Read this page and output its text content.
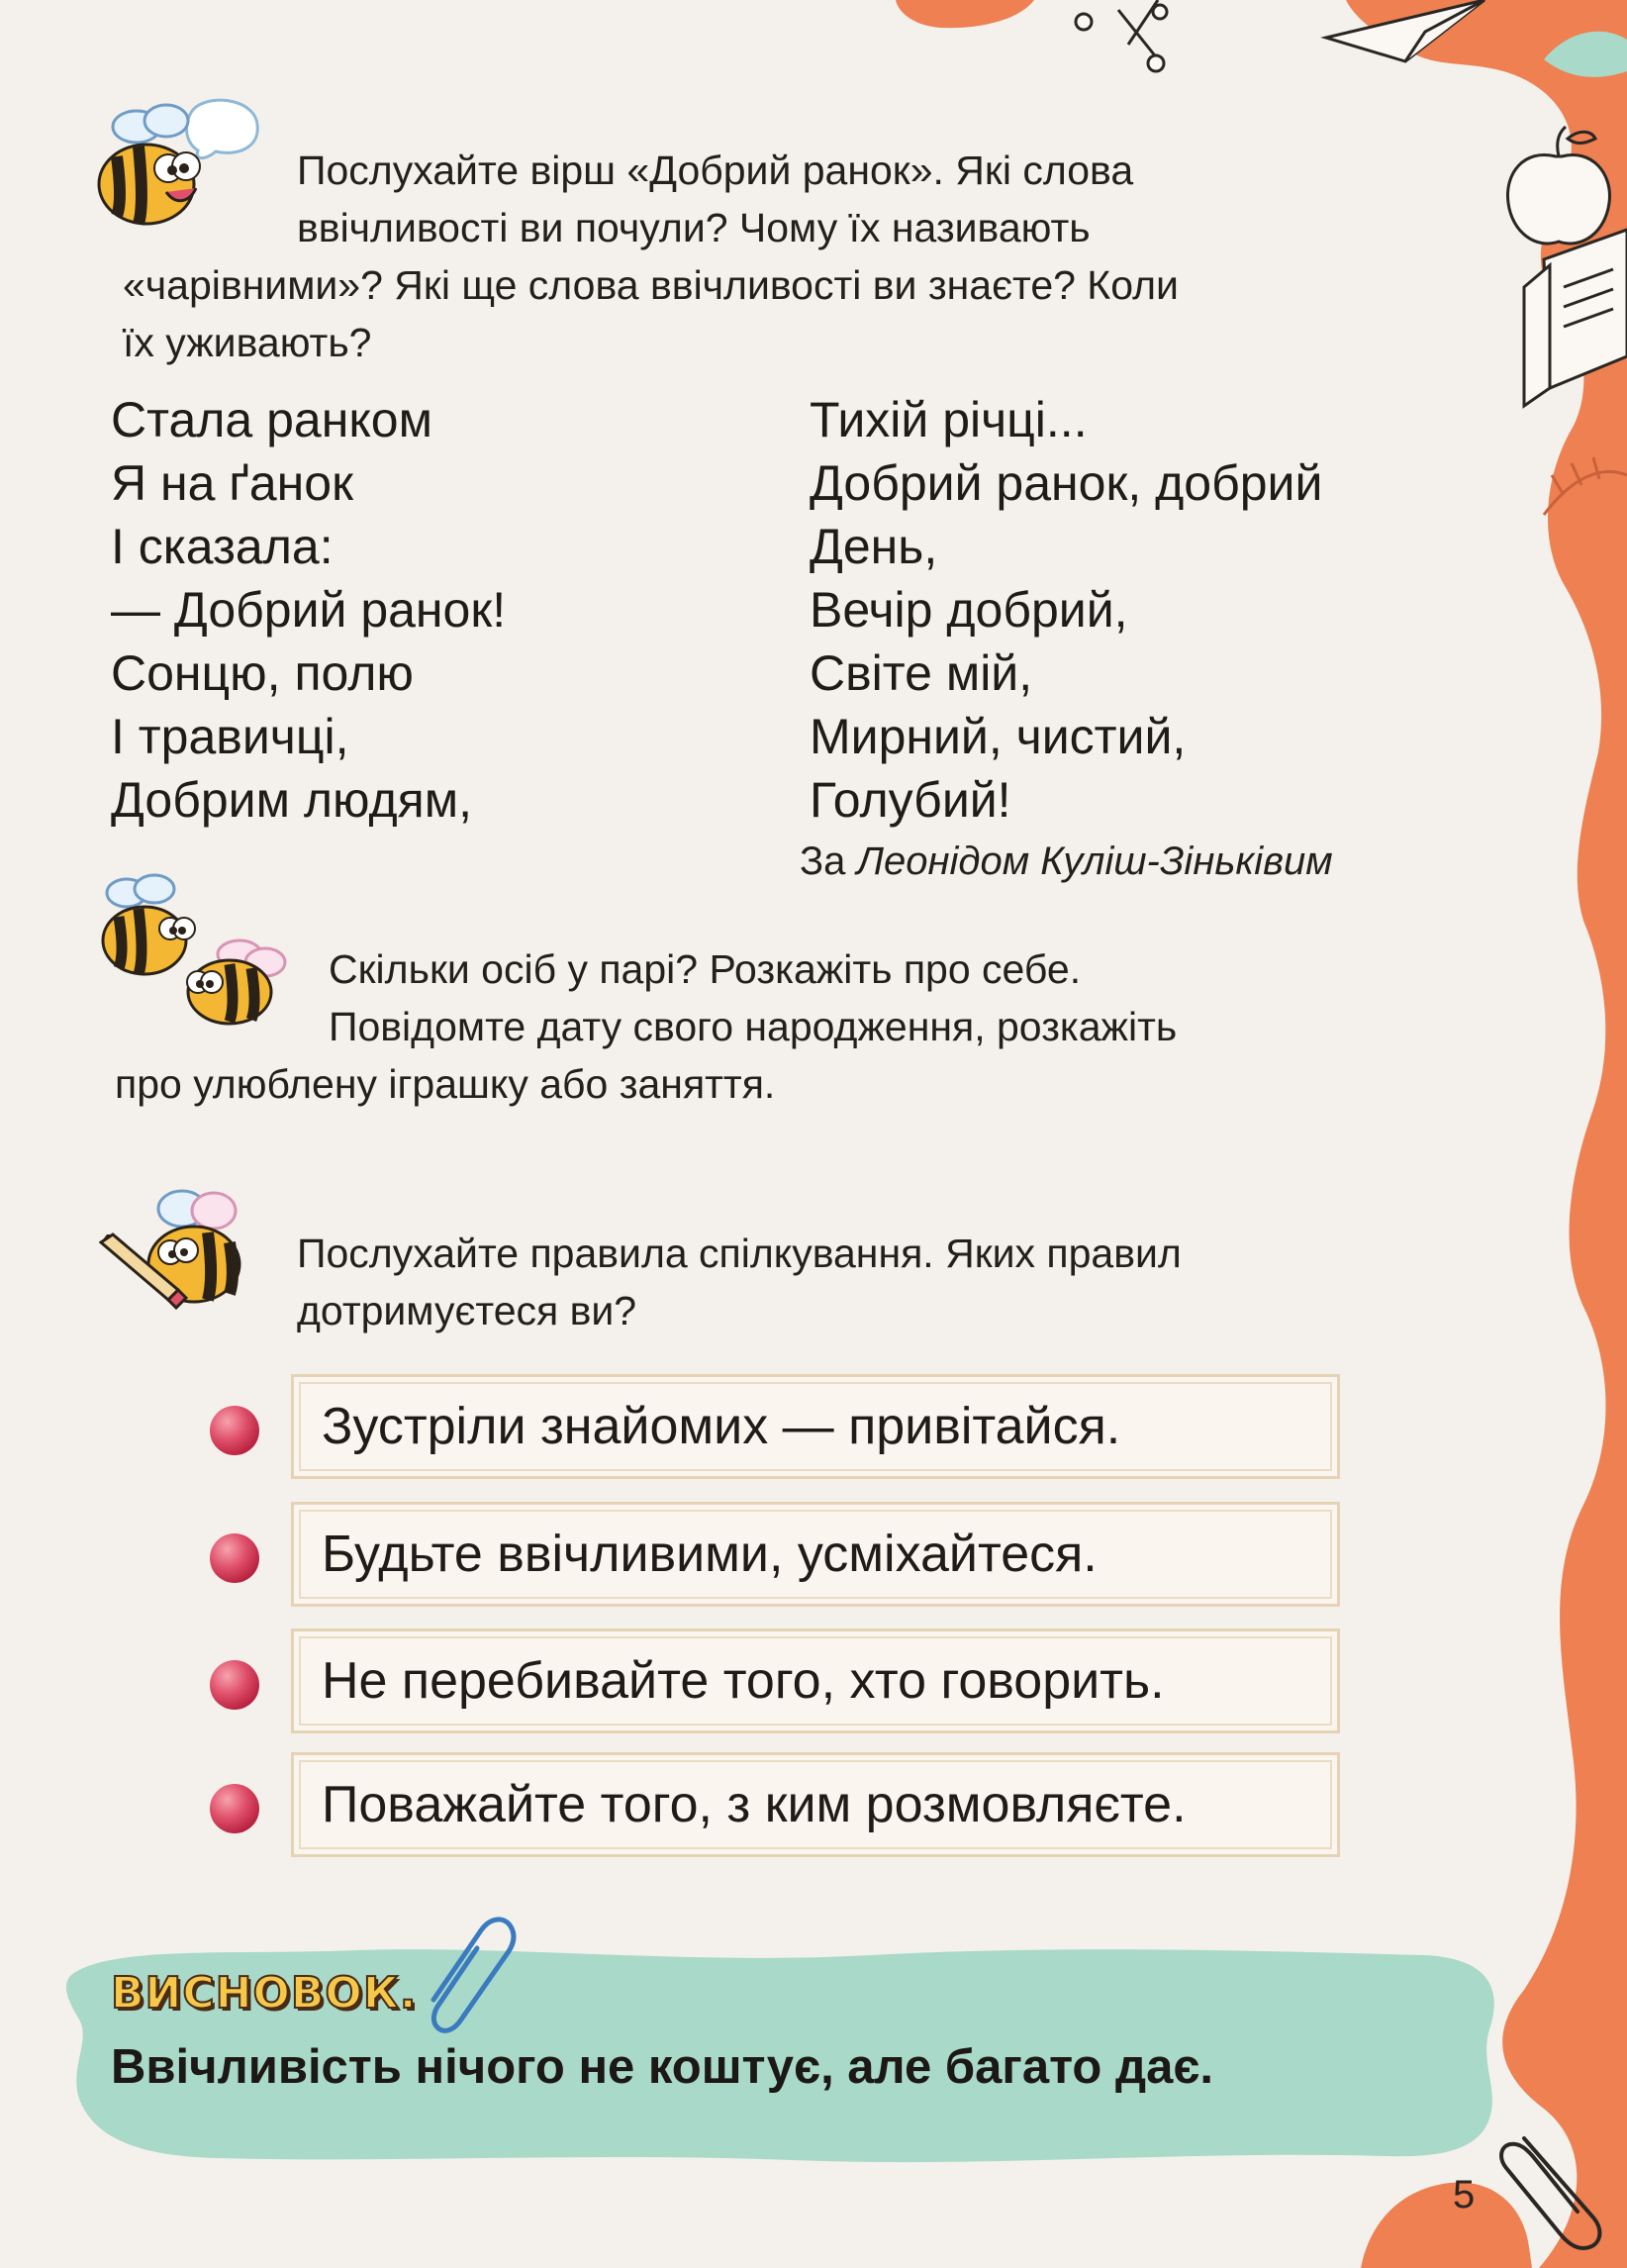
Послухайте вірш «Добрий ранок». Які слова
ввічливості ви почули? Чому їх називають
«чарівними»? Які ще слова ввічливості ви знаєте? Коли
їх уживають?
Стала ранком
Я на ґанок
І сказала:
— Добрий ранок!
Сонцю, полю
І травичці,
Добрим людям,
Тихій річці...
Добрий ранок, добрий
День,
Вечір добрий,
Світе мій,
Мирний, чистий,
Голубий!
За Леонідом Куліш-Зіньківим
Скільки осіб у парі? Розкажіть про себе.
Повідомте дату свого народження, розкажіть
про улюблену іграшку або заняття.
Послухайте правила спілкування. Яких правил
дотримуєтеся ви?
Зустріли знайомих — привітайся.
Будьте ввічливими, усміхайтеся.
Не перебивайте того, хто говорить.
Поважайте того, з ким розмовляєте.
ВИСНОВОК.
Ввічливість нічого не коштує, але багато дає.
5
